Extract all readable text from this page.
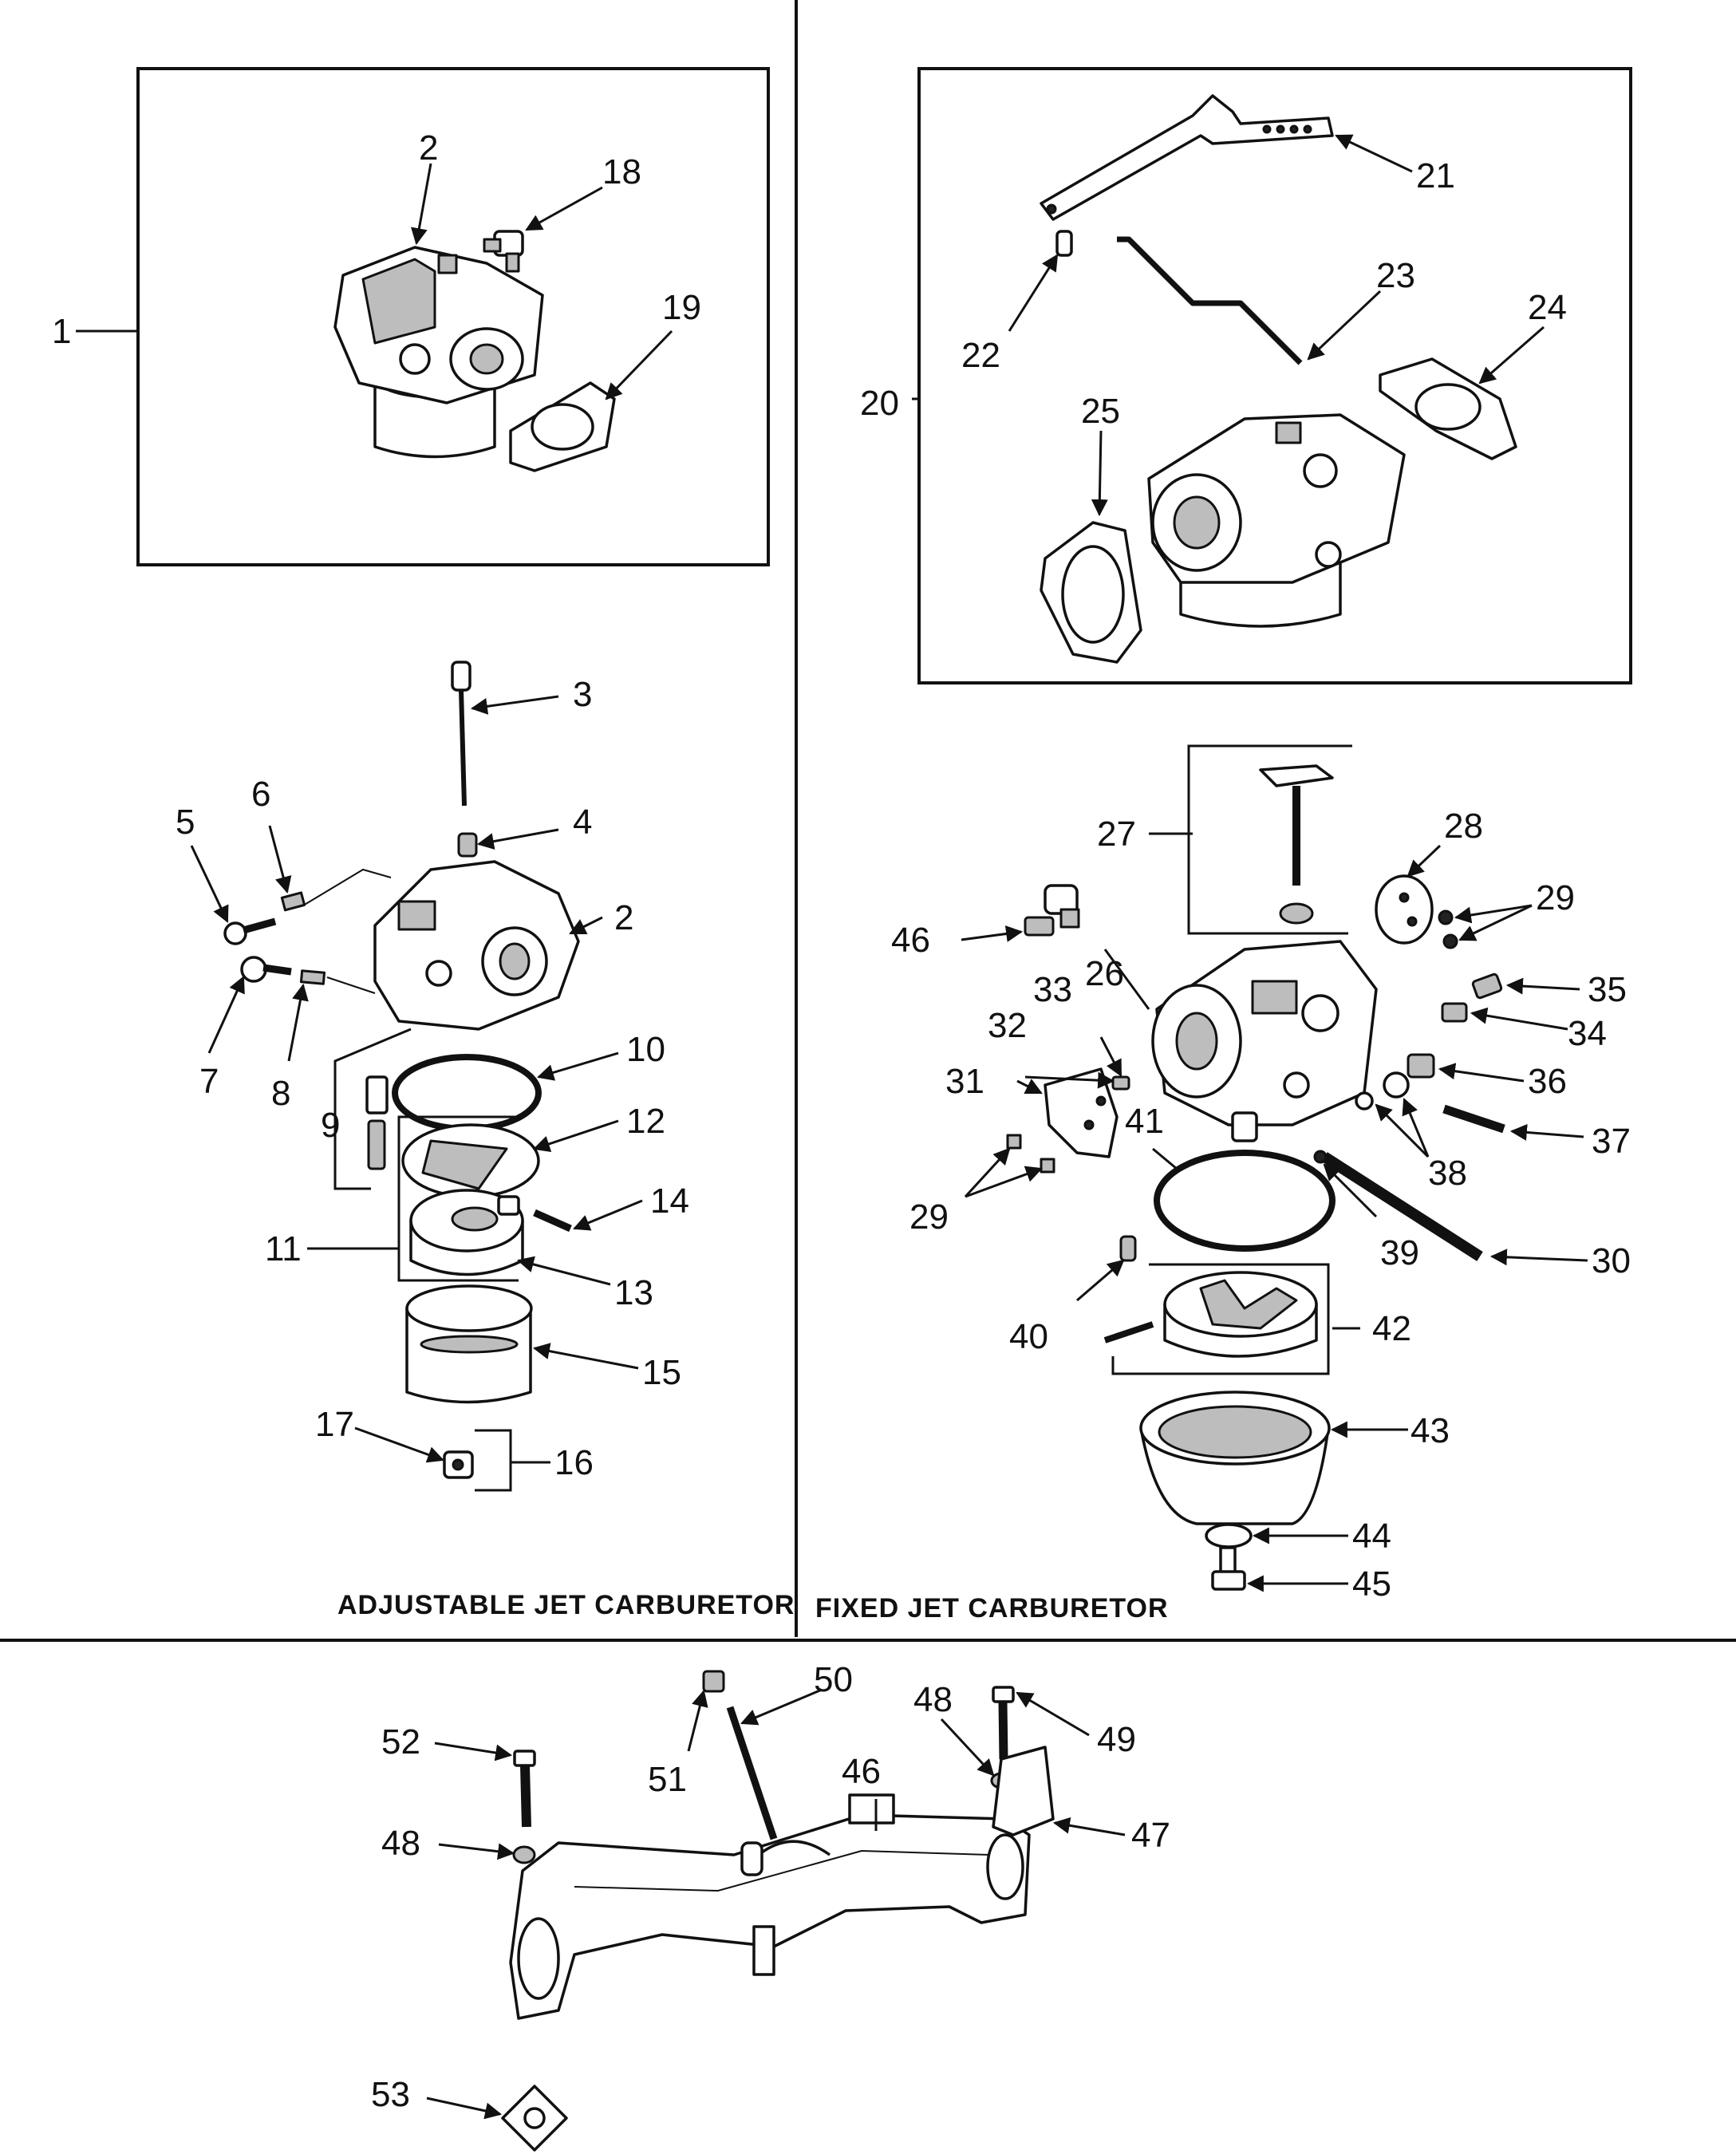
1
2
18
19
20
21
22
23
24
25
3
4
5
6
2
7 8
9
10
11
12
13
14
15
16
17
ADJUSTABLE JET CARBURETOR
27	28
29
46
26
33	35
32	34
31	36
41
37
38
29
39	30
40	42
43
44
45
FIXED JET CARBURETOR
50
51
48
49
46
47
52
48
53
